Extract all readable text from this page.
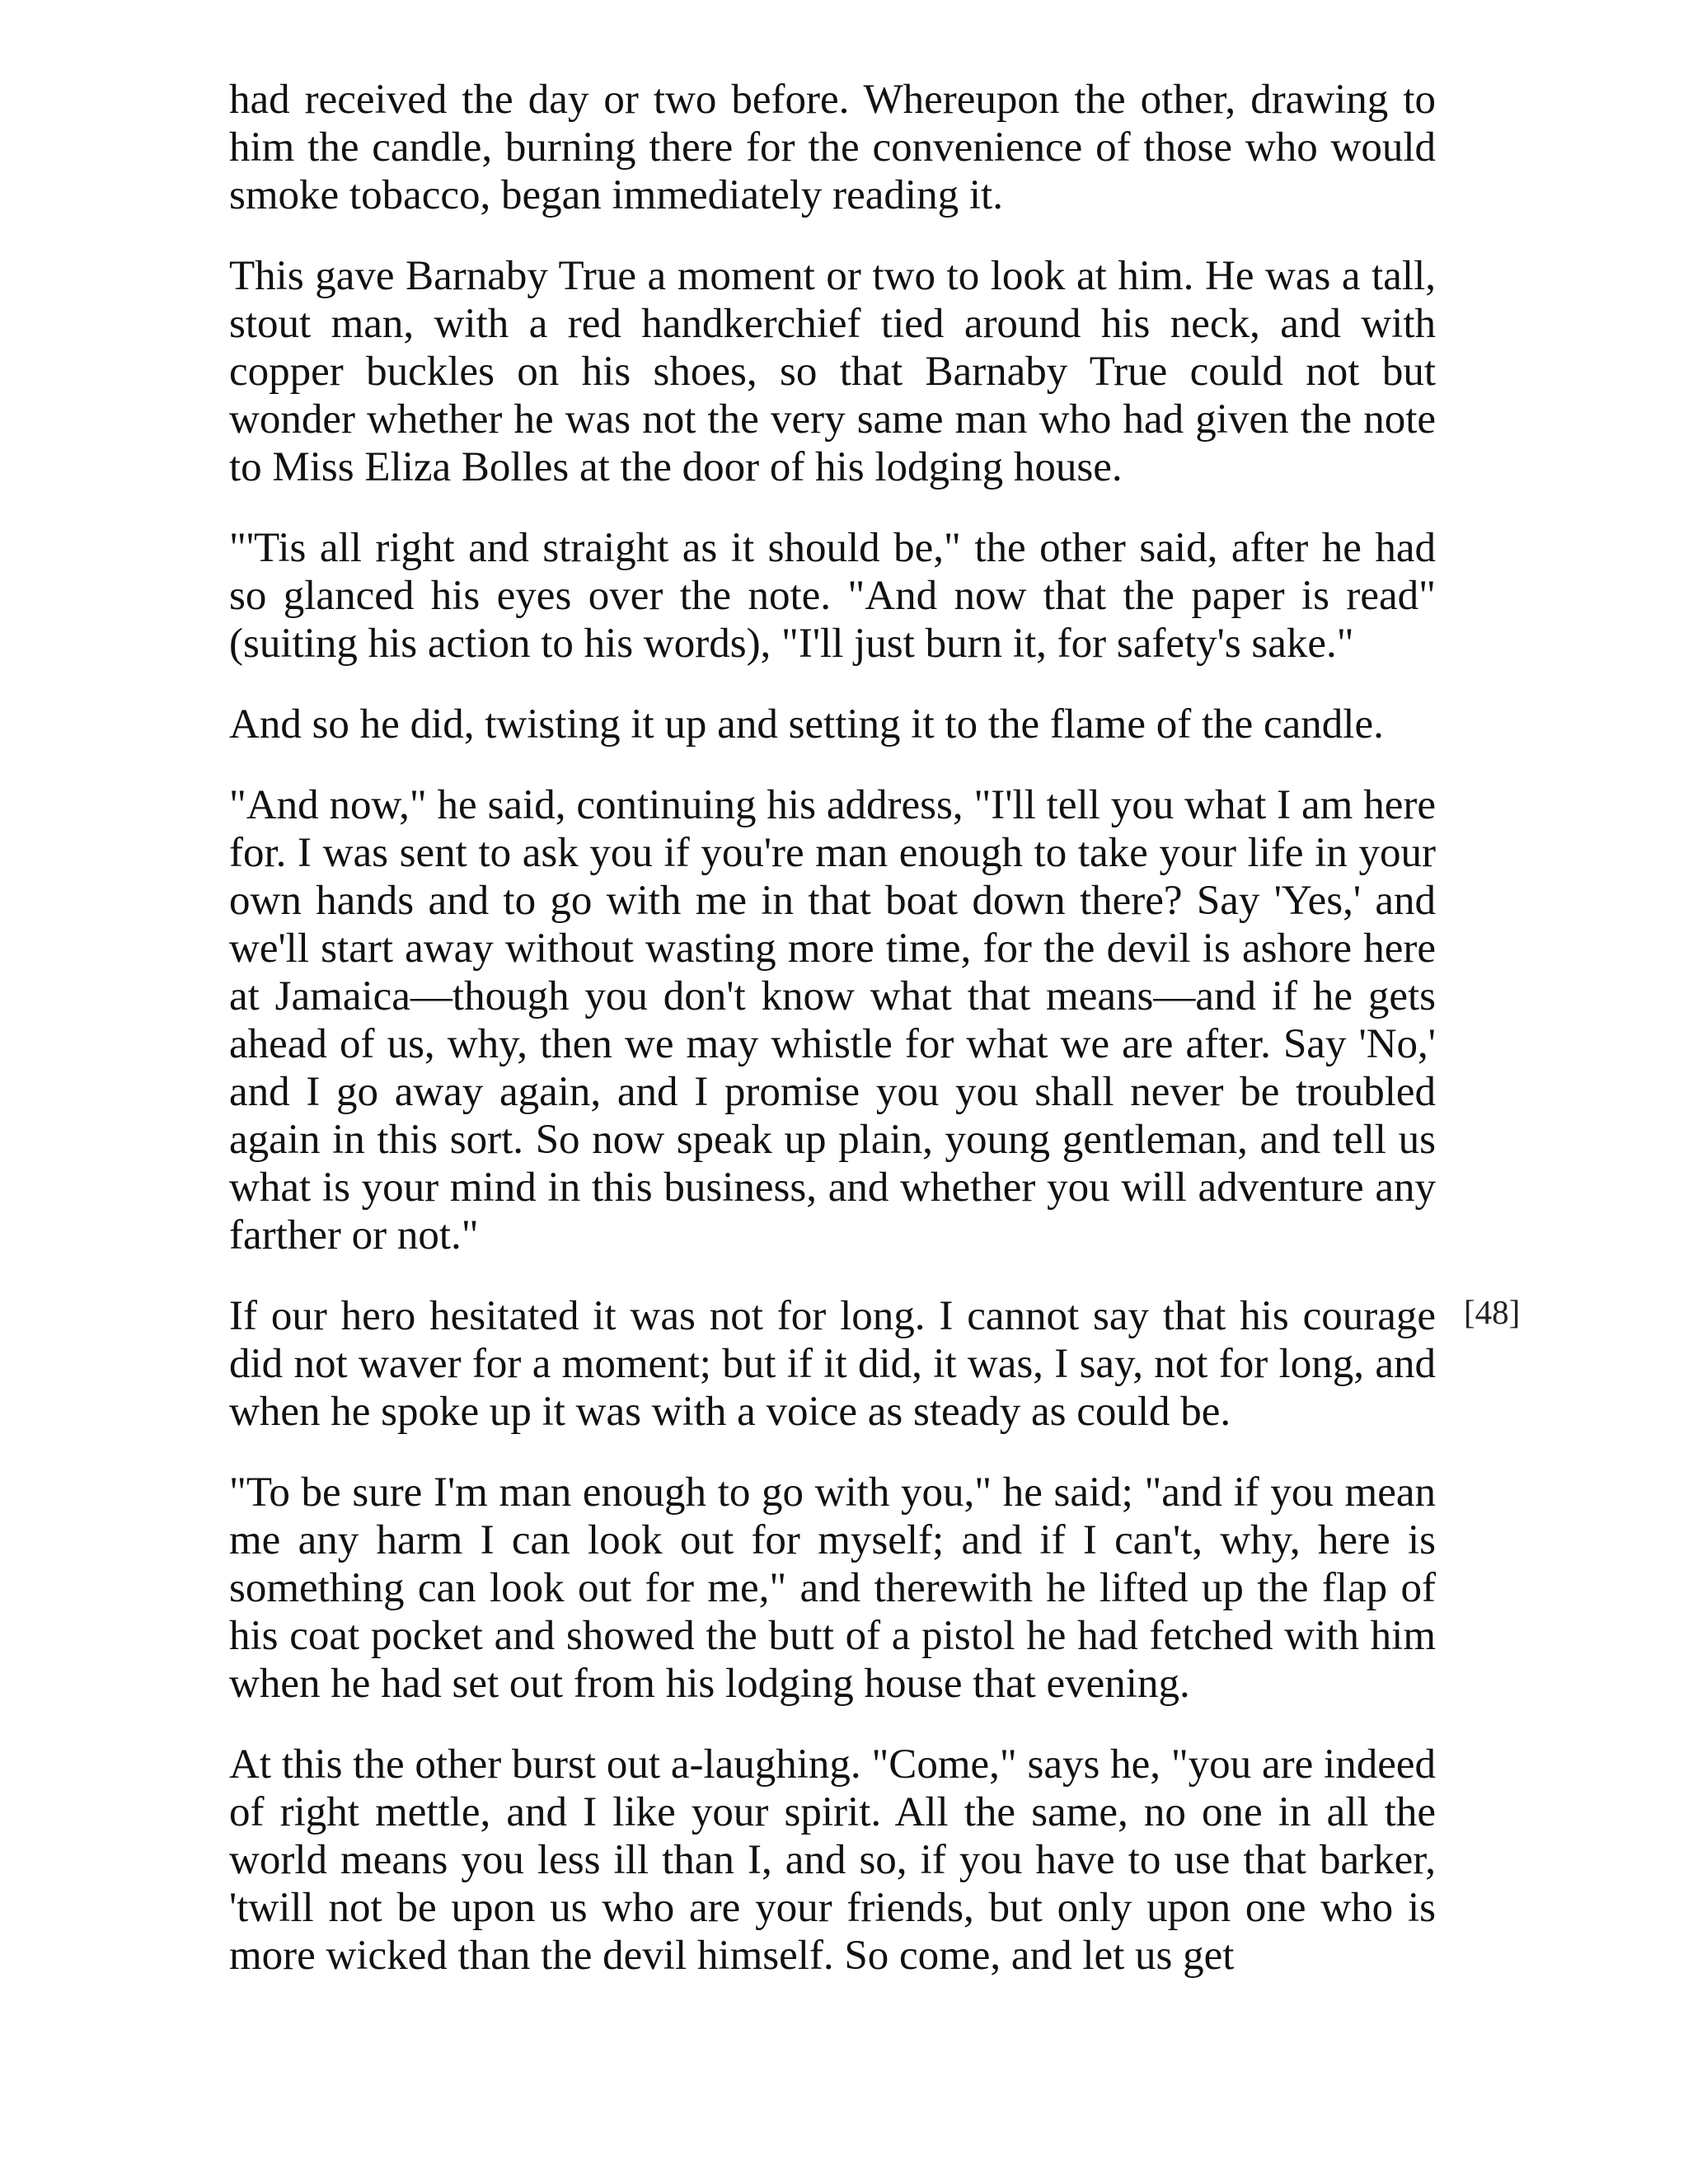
had received the day or two before. Whereupon the other, drawing to him the candle, burning there for the convenience of those who would smoke tobacco, began immediately reading it.

This gave Barnaby True a moment or two to look at him. He was a tall, stout man, with a red handkerchief tied around his neck, and with copper buckles on his shoes, so that Barnaby True could not but wonder whether he was not the very same man who had given the note to Miss Eliza Bolles at the door of his lodging house.

"'Tis all right and straight as it should be," the other said, after he had so glanced his eyes over the note. "And now that the paper is read" (suiting his action to his words), "I'll just burn it, for safety's sake."

And so he did, twisting it up and setting it to the flame of the candle.

"And now," he said, continuing his address, "I'll tell you what I am here for. I was sent to ask you if you're man enough to take your life in your own hands and to go with me in that boat down there? Say 'Yes,' and we'll start away without wasting more time, for the devil is ashore here at Jamaica—though you don't know what that means—and if he gets ahead of us, why, then we may whistle for what we are after. Say 'No,' and I go away again, and I promise you you shall never be troubled again in this sort. So now speak up plain, young gentleman, and tell us what is your mind in this business, and whether you will adventure any farther or not."

If our hero hesitated it was not for long. I cannot say that his courage did not waver for a moment; but if it did, it was, I say, not for long, and when he spoke up it was with a voice as steady as could be.

"To be sure I'm man enough to go with you," he said; "and if you mean me any harm I can look out for myself; and if I can't, why, here is something can look out for me," and therewith he lifted up the flap of his coat pocket and showed the butt of a pistol he had fetched with him when he had set out from his lodging house that evening.

At this the other burst out a-laughing. "Come," says he, "you are indeed of right mettle, and I like your spirit. All the same, no one in all the world means you less ill than I, and so, if you have to use that barker, 'twill not be upon us who are your friends, but only upon one who is more wicked than the devil himself. So come, and let us get

[48]
